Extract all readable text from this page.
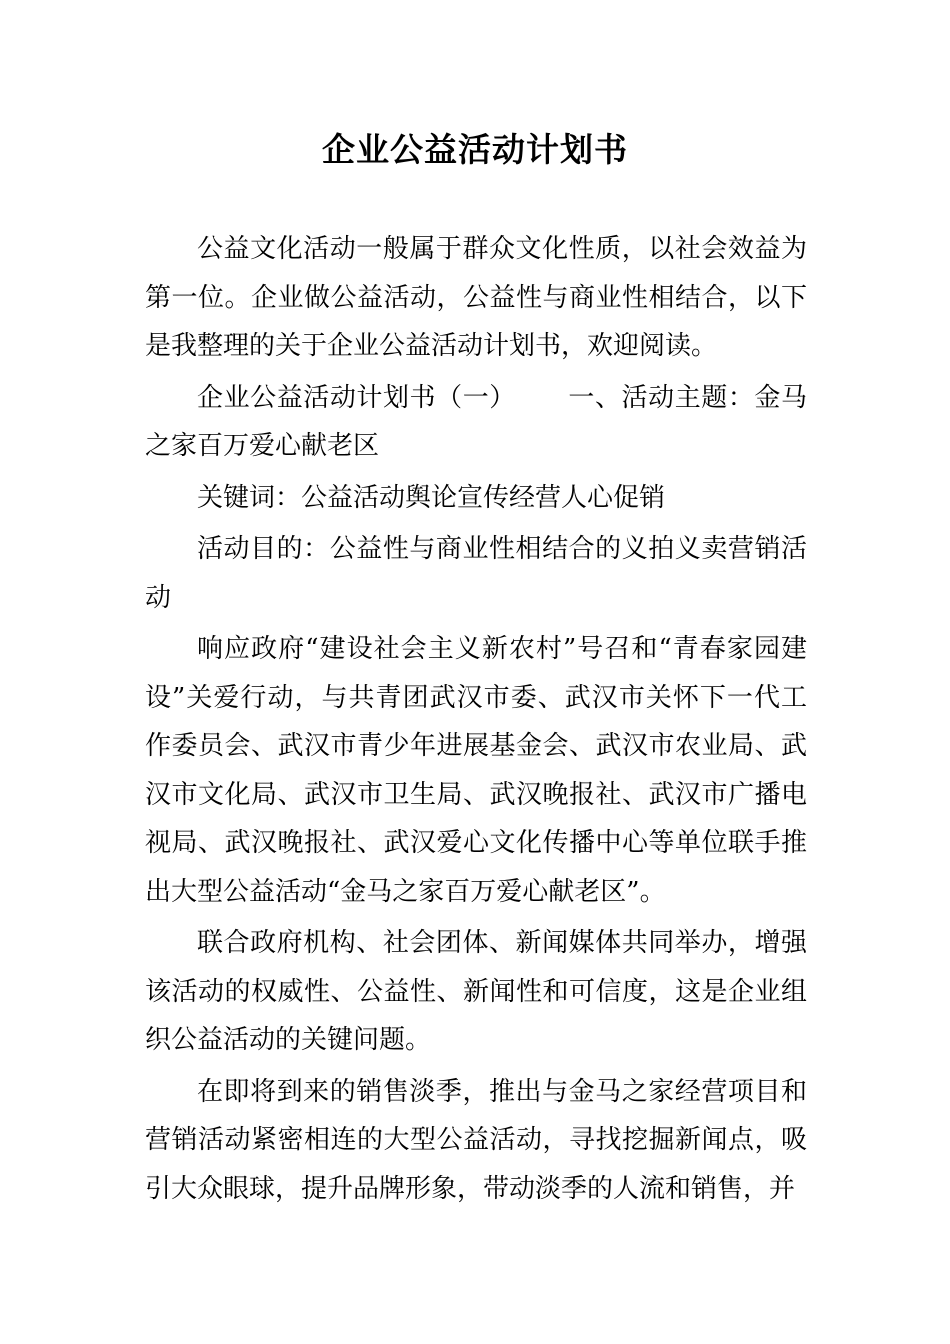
企业公益活动计划书

公益文化活动一般属于群众文化性质，以社会效益为第一位。企业做公益活动，公益性与商业性相结合，以下是我整理的关于企业公益活动计划书，欢迎阅读。

企业公益活动计划书（一） 一、活动主题：金马之家百万爱心献老区

关键词：公益活动舆论宣传经营人心促销

活动目的：公益性与商业性相结合的义拍义卖营销活动

响应政府“建设社会主义新农村”号召和“青春家园建设”关爱行动，与共青团武汉市委、武汉市关怀下一代工作委员会、武汉市青少年进展基金会、武汉市农业局、武汉市文化局、武汉市卫生局、武汉晚报社、武汉市广播电视局、武汉晚报社、武汉爱心文化传播中心等单位联手推出大型公益活动“金马之家百万爱心献老区”。

联合政府机构、社会团体、新闻媒体共同举办，增强该活动的权威性、公益性、新闻性和可信度，这是企业组织公益活动的关键问题。

在即将到来的销售淡季，推出与金马之家经营项目和营销活动紧密相连的大型公益活动，寻找挖掘新闻点，吸引大众眼球，提升品牌形象，带动淡季的人流和销售，并
